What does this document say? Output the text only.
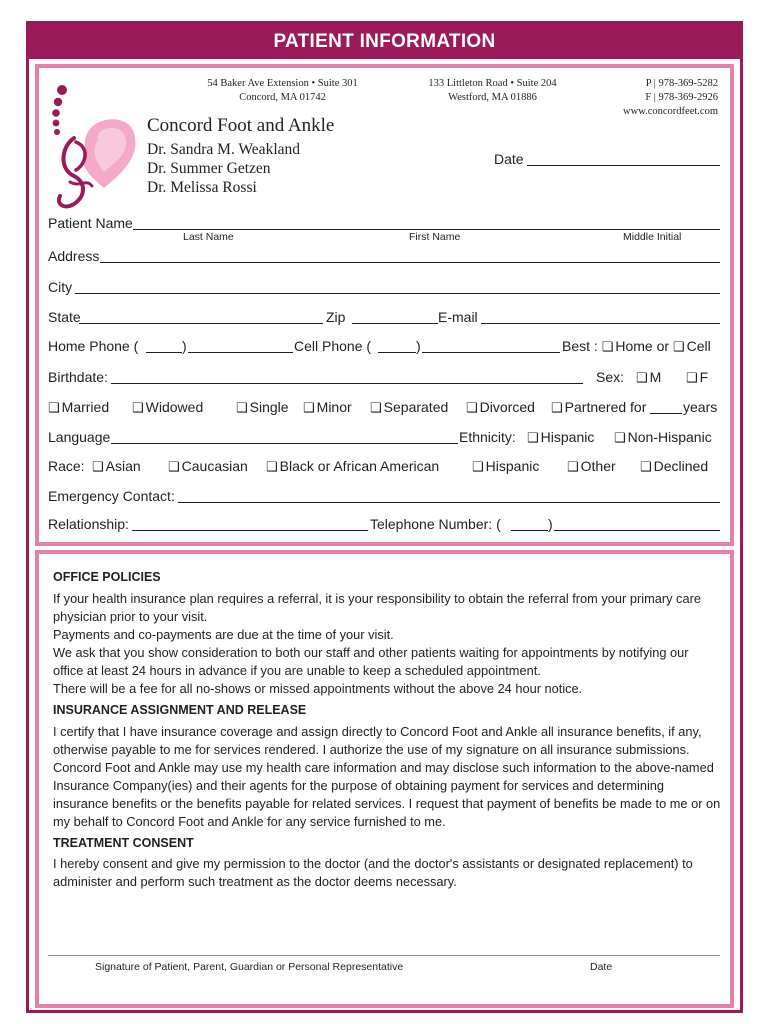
PATIENT INFORMATION
54 Baker Ave Extension • Suite 301
Concord, MA 01742
133 Littleton Road • Suite 204
Westford, MA 01886
P | 978-369-5282
F | 978-369-2926
www.concordfeet.com
Concord Foot and Ankle
Dr. Sandra M. Weakland
Dr. Summer Getzen
Dr. Melissa Rossi
Date
Patient Name
Last Name	First Name	Middle Initial
Address
City
State	Zip	E-mail
Home Phone (	)	Cell Phone (	)	Best : ❑ Home or ❑ Cell
Birthdate:	Sex: ❑ M ❑ F
❑ Married ❑ Widowed	❑ Single ❑ Minor ❑ Separated ❑ Divorced ❑ Partnered for	years
Language	Ethnicity: ❑ Hispanic ❑ Non-Hispanic
Race: ❑ Asian ❑ Caucasian ❑ Black or African American	❑ Hispanic ❑ Other ❑ Declined
Emergency Contact:
Relationship:	Telephone Number: (	)
OFFICE POLICIES
If your health insurance plan requires a referral, it is your responsibility to obtain the referral from your primary care physician prior to your visit.
Payments and co-payments are due at the time of your visit.
We ask that you show consideration to both our staff and other patients waiting for appointments by notifying our office at least 24 hours in advance if you are unable to keep a scheduled appointment.
There will be a fee for all no-shows or missed appointments without the above 24 hour notice.
INSURANCE ASSIGNMENT AND RELEASE
I certify that I have insurance coverage and assign directly to Concord Foot and Ankle all insurance benefits, if any, otherwise payable to me for services rendered. I authorize the use of my signature on all insurance submissions. Concord Foot and Ankle may use my health care information and may disclose such information to the above-named Insurance Company(ies) and their agents for the purpose of obtaining payment for services and determining insurance benefits or the benefits payable for related services. I request that payment of benefits be made to me or on my behalf to Concord Foot and Ankle for any service furnished to me.
TREATMENT CONSENT
I hereby consent and give my permission to the doctor (and the doctor's assistants or designated replacement) to administer and perform such treatment as the doctor deems necessary.
Signature of Patient, Parent, Guardian or Personal Representative	Date
